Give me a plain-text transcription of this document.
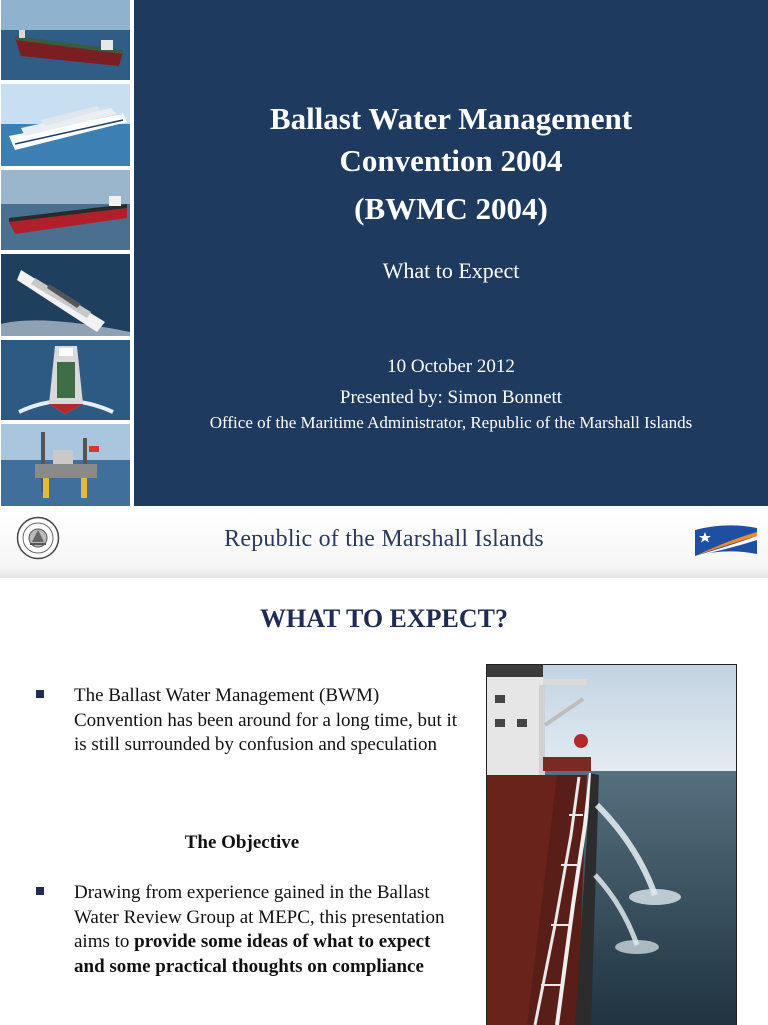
Ballast Water Management
Convention 2004
(BWMC 2004)
What to Expect
10 October 2012
Presented by: Simon Bonnett
Office of the Maritime Administrator, Republic of the Marshall Islands
Republic of the Marshall Islands
WHAT TO EXPECT?
The Ballast Water Management (BWM) Convention has been around for a long time, but it is still surrounded by confusion and speculation
The Objective
Drawing from experience gained in the Ballast Water Review Group at MEPC, this presentation aims to provide some ideas of what to expect and some practical thoughts on compliance
